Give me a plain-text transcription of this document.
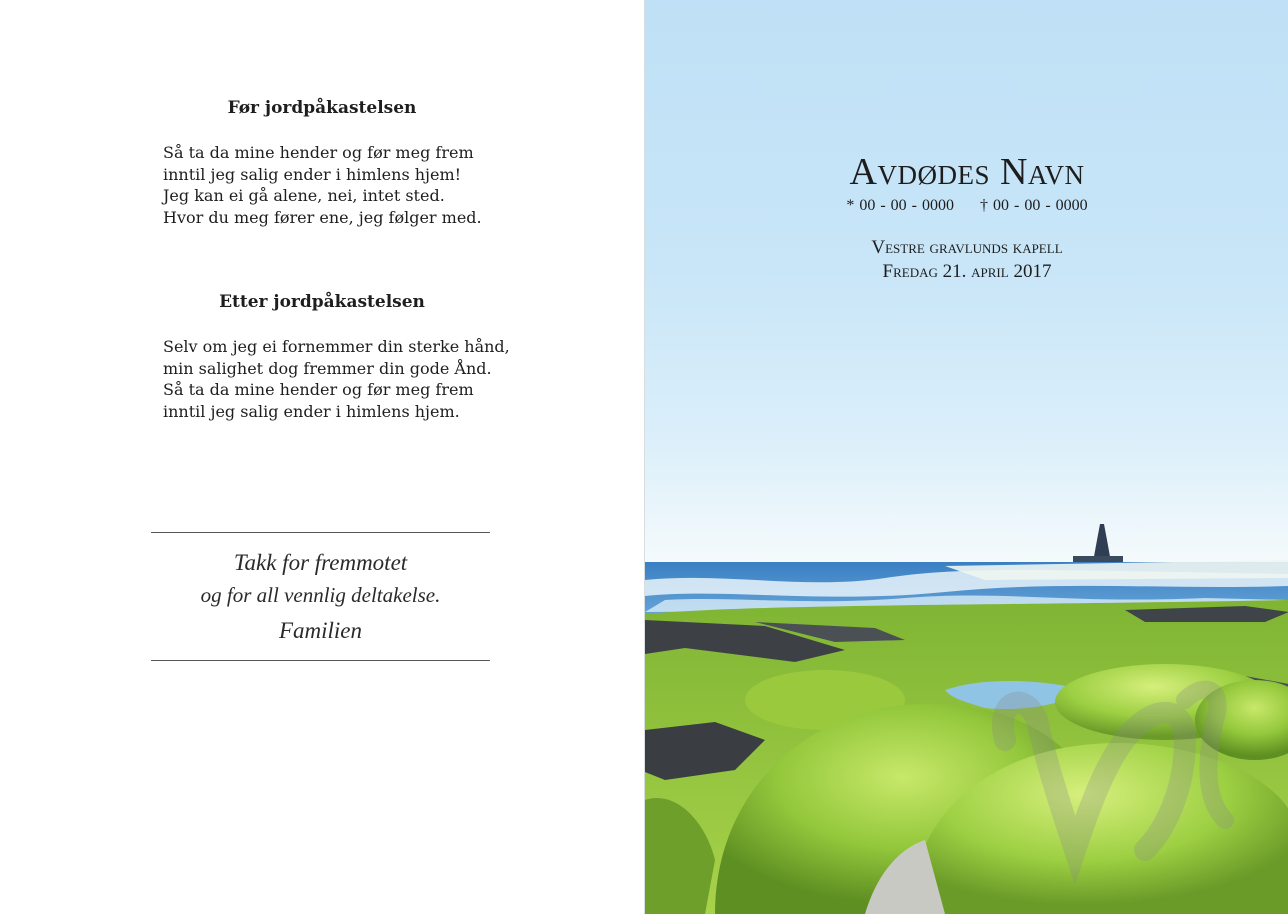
Før jordpåkastelsen
Så ta da mine hender og før meg frem
inntil jeg salig ender i himlens hjem!
Jeg kan ei gå alene, nei, intet sted.
Hvor du meg fører ene, jeg følger med.
Etter jordpåkastelsen
Selv om jeg ei fornemmer din sterke hånd,
min salighet dog fremmer din gode Ånd.
Så ta da mine hender og før meg frem
inntil jeg salig ender i himlens hjem.
Takk for fremmotet
og for all vennlig deltakelse.
Familien
Avdødes Navn
* 00 - 00 - 0000 † 00 - 00 - 0000
Vestre gravlunds kapell
Fredag 21. april 2017
